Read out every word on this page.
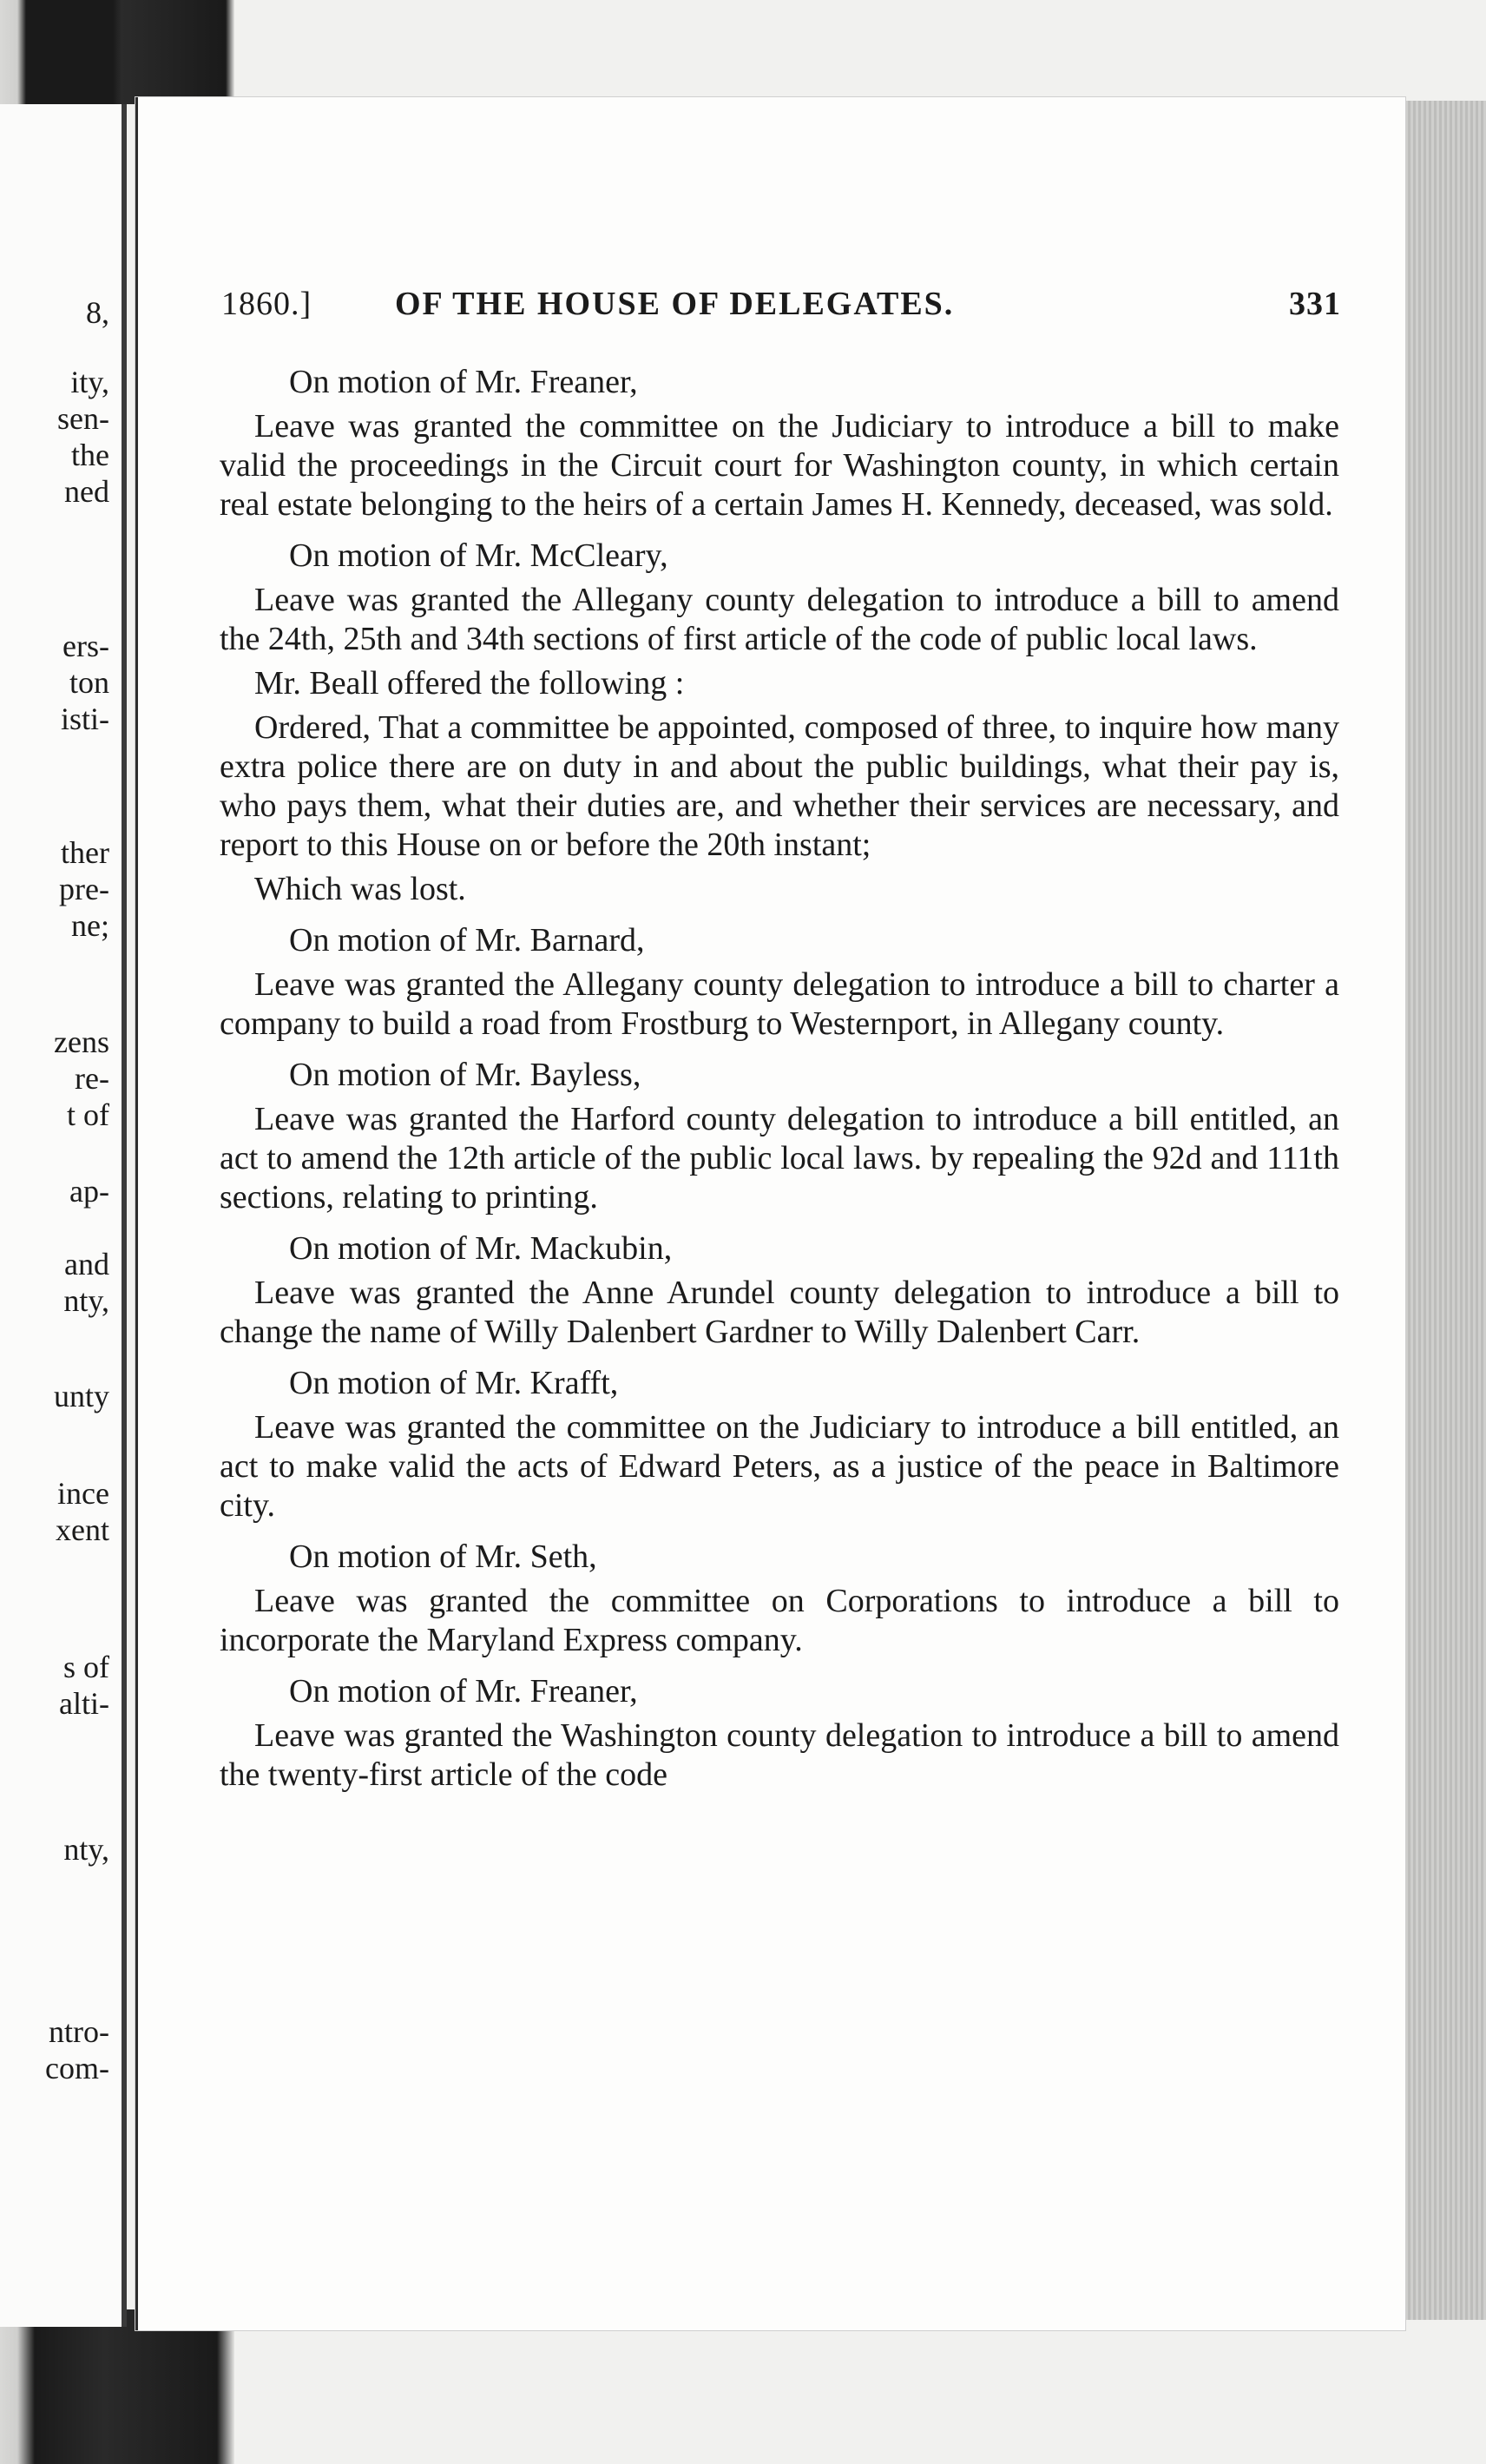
8,
ity,
sen-
the
ned
ers-
ton
isti-
ther
pre-
ne;
zens
re-
t of
ap-
and
nty,
unty
ince
xent
s of
alti-
nty,
ntro-
com-
1860.]	OF THE HOUSE OF DELEGATES.	331

On motion of Mr. Freaner,

Leave was granted the committee on the Judiciary to introduce a bill to make valid the proceedings in the Circuit court for Washington county, in which certain real estate belonging to the heirs of a certain James H. Kennedy, deceased, was sold.

On motion of Mr. McCleary,

Leave was granted the Allegany county delegation to introduce a bill to amend the 24th, 25th and 34th sections of first article of the code of public local laws.

Mr. Beall offered the following :

Ordered, That a committee be appointed, composed of three, to inquire how many extra police there are on duty in and about the public buildings, what their pay is, who pays them, what their duties are, and whether their services are necessary, and report to this House on or before the 20th instant;

Which was lost.

On motion of Mr. Barnard,

Leave was granted the Allegany county delegation to introduce a bill to charter a company to build a road from Frostburg to Westernport, in Allegany county.

On motion of Mr. Bayless,

Leave was granted the Harford county delegation to introduce a bill entitled, an act to amend the 12th article of the public local laws. by repealing the 92d and 111th sections, relating to printing.

On motion of Mr. Mackubin,

Leave was granted the Anne Arundel county delegation to introduce a bill to change the name of Willy Dalenbert Gardner to Willy Dalenbert Carr.

On motion of Mr. Krafft,

Leave was granted the committee on the Judiciary to introduce a bill entitled, an act to make valid the acts of Edward Peters, as a justice of the peace in Baltimore city.

On motion of Mr. Seth,

Leave was granted the committee on Corporations to introduce a bill to incorporate the Maryland Express company.

On motion of Mr. Freaner,

Leave was granted the Washington county delegation to introduce a bill to amend the twenty-first article of the code
